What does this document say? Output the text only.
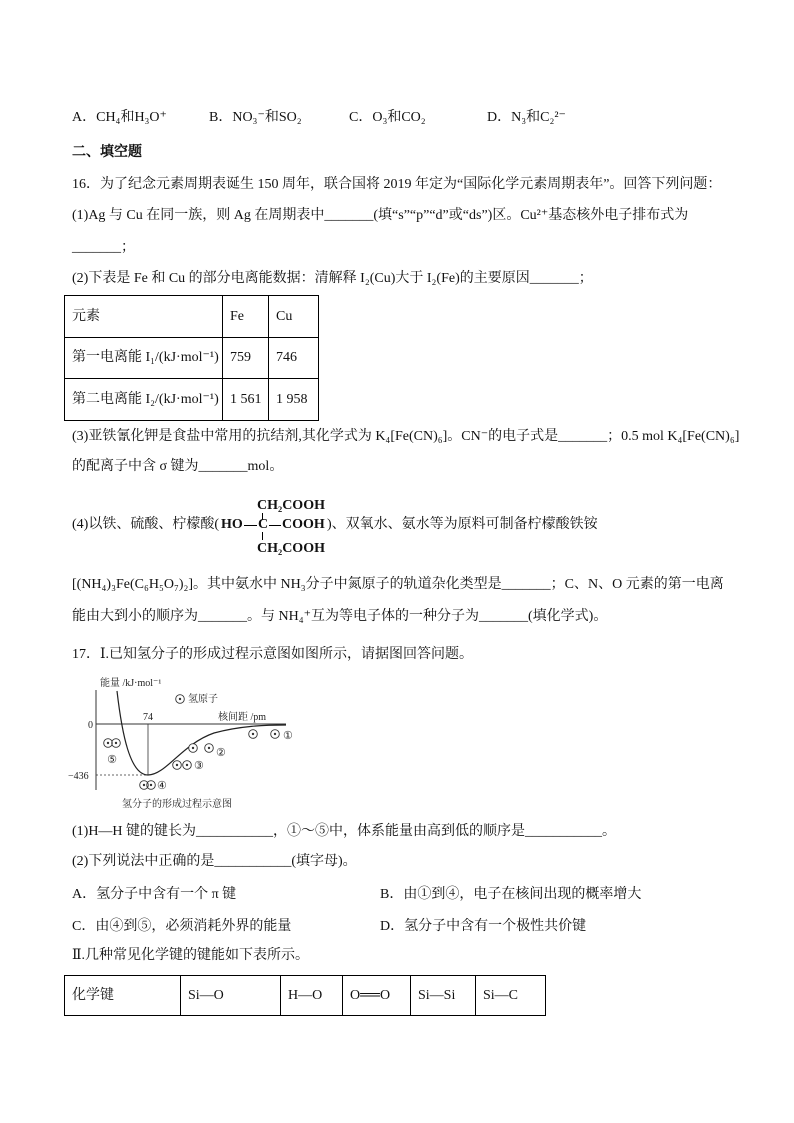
A．CH₄和H₃O⁺	B．NO₃⁻和SO₂	C．O₃和CO₂	D．N₃和C₂²⁻
二、填空题
16．为了纪念元素周期表诞生 150 周年，联合国将 2019 年定为“国际化学元素周期表年”。回答下列问题：
(1)Ag 与 Cu 在同一族，则 Ag 在周期表中_______(填“s”“p”“d”或“ds”)区。Cu²⁺基态核外电子排布式为
_______；
(2)下表是 Fe 和 Cu 的部分电离能数据：清解释 I₂(Cu)大于 I₂(Fe)的主要原因_______；
元素	Fe	Cu
第一电离能 I₁/(kJ·mol⁻¹)	759	746
第二电离能 I₂/(kJ·mol⁻¹)	1 561	1 958
(3)亚铁氰化钾是食盐中常用的抗结剂,其化学式为 K₄[Fe(CN)₆]。CN⁻的电子式是_______；0.5 mol K₄[Fe(CN)₆]
的配离子中含 σ 键为_______mol。
(4)以铁、硫酸、柠檬酸(
CH₂COOH
HO C COOH
CH₂COOH
)、双氧水、氨水等为原料可制备柠檬酸铁铵
[(NH₄)₃Fe(C₆H₅O₇)₂]。其中氨水中 NH₃分子中氮原子的轨道杂化类型是_______；C、N、O 元素的第一电离
能由大到小的顺序为_______。与 NH₄⁺互为等电子体的一种分子为_______(填化学式)。
17．Ⅰ.已知氢分子的形成过程示意图如图所示，请据图回答问题。
能量 /kJ·mol⁻¹
氢原子
0
74	核间距 /pm
−436
⑤
④
③
②
①
氢分子的形成过程示意图
(1)H—H 键的键长为___________，①～⑤中，体系能量由高到低的顺序是___________。
(2)下列说法中正确的是___________(填字母)。
A．氢分子中含有一个 π 键	B．由①到④，电子在核间出现的概率增大
C．由④到⑤，必须消耗外界的能量	D．氢分子中含有一个极性共价键
Ⅱ.几种常见化学键的键能如下表所示。
化学键	Si—O	H—O	O══O	Si—Si	Si—C
